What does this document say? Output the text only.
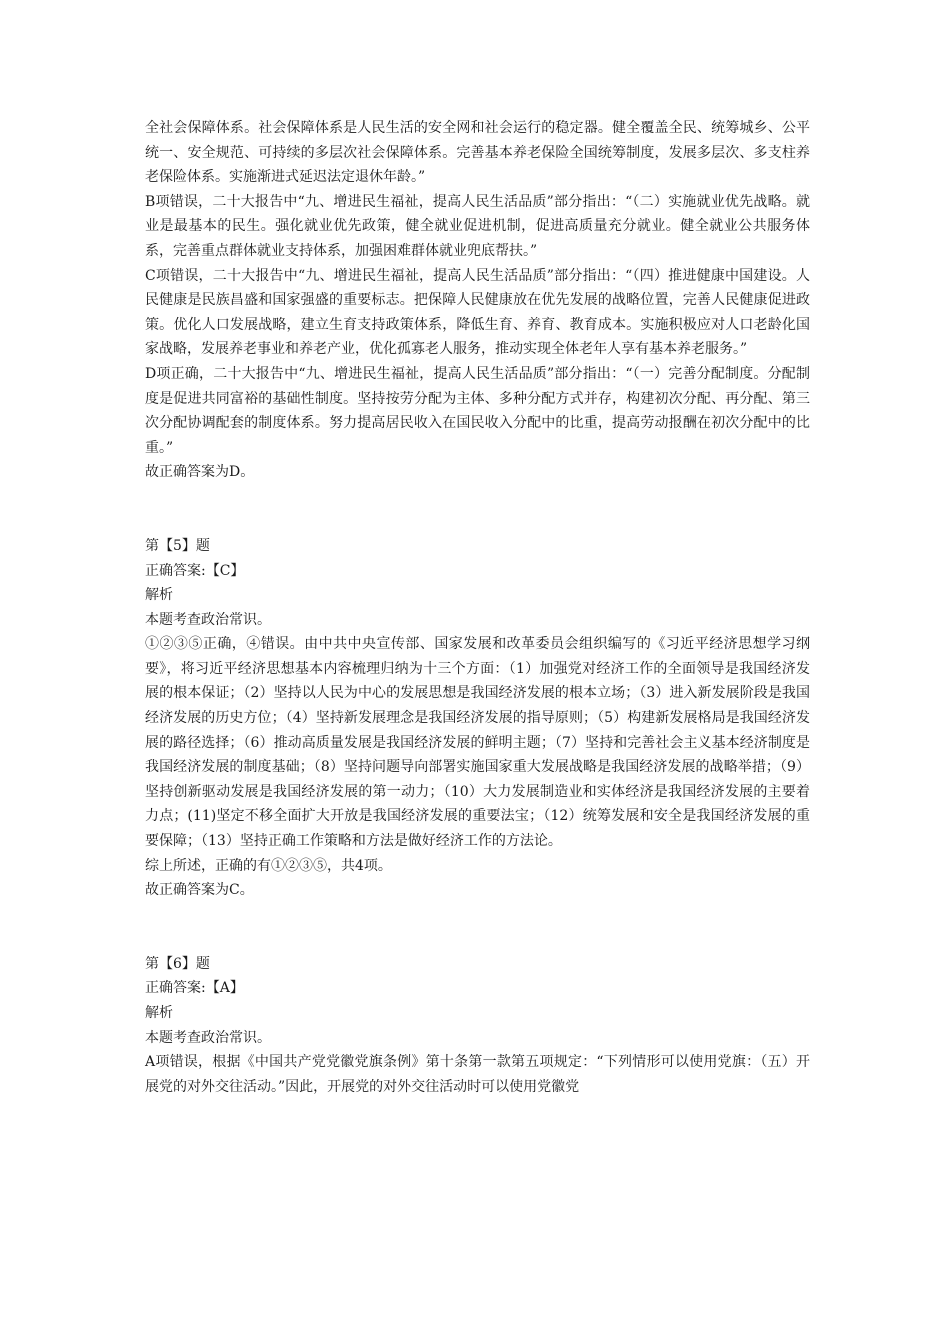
全社会保障体系。社会保障体系是人民生活的安全网和社会运行的稳定器。健全覆盖全民、统筹城乡、公平统一、安全规范、可持续的多层次社会保障体系。完善基本养老保险全国统筹制度，发展多层次、多支柱养老保险体系。实施渐进式延迟法定退休年龄。”

B项错误，二十大报告中“九、增进民生福祉，提高人民生活品质”部分指出：“（二）实施就业优先战略。就业是最基本的民生。强化就业优先政策，健全就业促进机制，促进高质量充分就业。健全就业公共服务体系，完善重点群体就业支持体系，加强困难群体就业兜底帮扶。”

C项错误，二十大报告中“九、增进民生福祉，提高人民生活品质”部分指出：“（四）推进健康中国建设。人民健康是民族昌盛和国家强盛的重要标志。把保障人民健康放在优先发展的战略位置，完善人民健康促进政策。优化人口发展战略，建立生育支持政策体系，降低生育、养育、教育成本。实施积极应对人口老龄化国家战略，发展养老事业和养老产业，优化孤寡老人服务，推动实现全体老年人享有基本养老服务。”

D项正确，二十大报告中“九、增进民生福祉，提高人民生活品质”部分指出：“（一）完善分配制度。分配制度是促进共同富裕的基础性制度。坚持按劳分配为主体、多种分配方式并存，构建初次分配、再分配、第三次分配协调配套的制度体系。努力提高居民收入在国民收入分配中的比重，提高劳动报酬在初次分配中的比重。”

故正确答案为D。

第【5】题

正确答案:【C】

解析

本题考查政治常识。

①②③⑤正确，④错误。由中共中央宣传部、国家发展和改革委员会组织编写的《习近平经济思想学习纲要》，将习近平经济思想基本内容梳理归纳为十三个方面：（1）加强党对经济工作的全面领导是我国经济发展的根本保证；（2）坚持以人民为中心的发展思想是我国经济发展的根本立场；（3）进入新发展阶段是我国经济发展的历史方位；（4）坚持新发展理念是我国经济发展的指导原则；（5）构建新发展格局是我国经济发展的路径选择；（6）推动高质量发展是我国经济发展的鲜明主题；（7）坚持和完善社会主义基本经济制度是我国经济发展的制度基础；（8）坚持问题导向部署实施国家重大发展战略是我国经济发展的战略举措；（9）坚持创新驱动发展是我国经济发展的第一动力；（10）大力发展制造业和实体经济是我国经济发展的主要着力点；(11)坚定不移全面扩大开放是我国经济发展的重要法宝；（12）统筹发展和安全是我国经济发展的重要保障；（13）坚持正确工作策略和方法是做好经济工作的方法论。

综上所述，正确的有①②③⑤，共4项。

故正确答案为C。

第【6】题

正确答案:【A】

解析

本题考查政治常识。

A项错误，根据《中国共产党党徽党旗条例》第十条第一款第五项规定：“下列情形可以使用党旗：（五）开展党的对外交往活动。”因此，开展党的对外交往活动时可以使用党徽党
